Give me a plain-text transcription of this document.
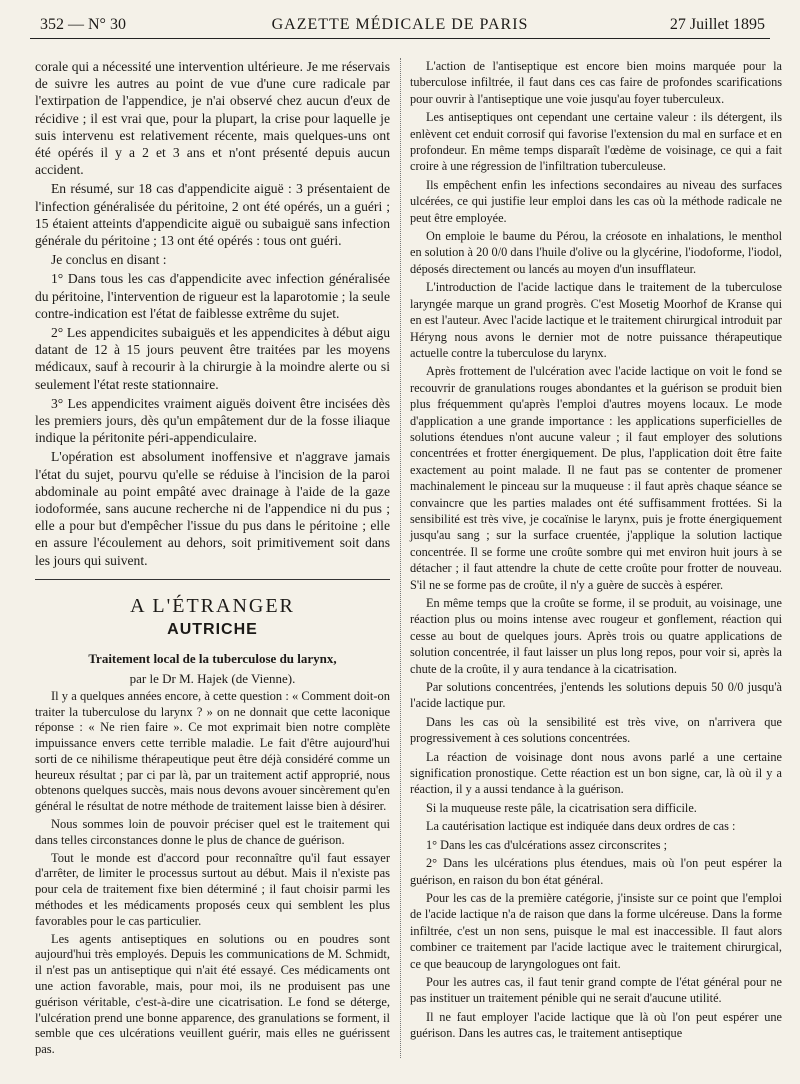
352 — N° 30	GAZETTE MÉDICALE DE PARIS	27 Juillet 1895

corale qui a nécessité une intervention ultérieure. Je me réservais de suivre les autres au point de vue d'une cure radicale par l'extirpation de l'appendice, je n'ai observé chez aucun d'eux de récidive ; il est vrai que, pour la plupart, la crise pour laquelle je suis intervenu est relativement récente, mais quelques-uns ont été opérés il y a 2 et 3 ans et n'ont présenté depuis aucun accident.

En résumé, sur 18 cas d'appendicite aiguë : 3 présentaient de l'infection généralisée du péritoine, 2 ont été opérés, un a guéri ; 15 étaient atteints d'appendicite aiguë ou subaiguë sans infection générale du péritoine ; 13 ont été opérés : tous ont guéri.

Je conclus en disant :

1° Dans tous les cas d'appendicite avec infection généralisée du péritoine, l'intervention de rigueur est la laparotomie ; la seule contre-indication est l'état de faiblesse extrême du sujet.

2° Les appendicites subaiguës et les appendicites à début aigu datant de 12 à 15 jours peuvent être traitées par les moyens médicaux, sauf à recourir à la chirurgie à la moindre alerte ou si seulement l'état reste stationnaire.

3° Les appendicites vraiment aiguës doivent être incisées dès les premiers jours, dès qu'un empâtement dur de la fosse iliaque indique la péritonite péri-appendiculaire.

L'opération est absolument inoffensive et n'aggrave jamais l'état du sujet, pourvu qu'elle se réduise à l'incision de la paroi abdominale au point empâté avec drainage à l'aide de la gaze iodoformée, sans aucune recherche ni de l'appendice ni du pus ; elle a pour but d'empêcher l'issue du pus dans le péritoine ; elle en assure l'écoulement au dehors, soit primitivement soit dans les jours qui suivent.

A L'ÉTRANGER
AUTRICHE

Traitement local de la tuberculose du larynx,

par le Dr M. Hajek (de Vienne).

Il y a quelques années encore, à cette question : « Comment doit-on traiter la tuberculose du larynx ? » on ne donnait que cette laconique réponse : « Ne rien faire ». Ce mot exprimait bien notre complète impuissance envers cette terrible maladie. Le fait d'être aujourd'hui sorti de ce nihilisme thérapeutique peut être déjà considéré comme un heureux résultat ; par ci par là, par un traitement actif approprié, nous obtenons quelques succès, mais nous devons avouer sincèrement qu'en général le résultat de notre méthode de traitement laisse bien à désirer.

Nous sommes loin de pouvoir préciser quel est le traitement qui dans telles circonstances donne le plus de chance de guérison.

Tout le monde est d'accord pour reconnaître qu'il faut essayer d'arrêter, de limiter le processus surtout au début. Mais il n'existe pas pour cela de traitement fixe bien déterminé ; il faut choisir parmi les méthodes et les médicaments proposés ceux qui semblent les plus favorables pour le cas particulier.

Les agents antiseptiques en solutions ou en poudres sont aujourd'hui très employés. Depuis les communications de M. Schmidt, il n'est pas un antiseptique qui n'ait été essayé. Ces médicaments ont une action favorable, mais, pour moi, ils ne produisent pas une guérison véritable, c'est-à-dire une cicatrisation. Le fond se déterge, l'ulcération prend une bonne apparence, des granulations se forment, il semble que ces ulcérations veuillent guérir, mais elles ne guérissent pas.

L'action de l'antiseptique est encore bien moins marquée pour la tuberculose infiltrée, il faut dans ces cas faire de profondes scarifications pour ouvrir à l'antiseptique une voie jusqu'au foyer tuberculeux.

Les antiseptiques ont cependant une certaine valeur : ils détergent, ils enlèvent cet enduit corrosif qui favorise l'extension du mal en surface et en profondeur. En même temps disparaît l'œdème de voisinage, ce qui a fait croire à une régression de l'infiltration tuberculeuse.

Ils empêchent enfin les infections secondaires au niveau des surfaces ulcérées, ce qui justifie leur emploi dans les cas où la méthode radicale ne peut être employée.

On emploie le baume du Pérou, la créosote en inhalations, le menthol en solution à 20 0/0 dans l'huile d'olive ou la glycérine, l'iodoforme, l'iodol, déposés directement ou lancés au moyen d'un insufflateur.

L'introduction de l'acide lactique dans le traitement de la tuberculose laryngée marque un grand progrès. C'est Mosetig Moorhof de Kranse qui en est l'auteur. Avec l'acide lactique et le traitement chirurgical introduit par Héryng nous avons le dernier mot de notre puissance thérapeutique actuelle contre la tuberculose du larynx.

Après frottement de l'ulcération avec l'acide lactique on voit le fond se recouvrir de granulations rouges abondantes et la guérison se produit bien plus fréquemment qu'après l'emploi d'autres moyens locaux. Le mode d'application a une grande importance : les applications superficielles de solutions étendues n'ont aucune valeur ; il faut employer des solutions concentrées et frotter énergiquement. De plus, l'application doit être faite exactement au point malade. Il ne faut pas se contenter de promener machinalement le pinceau sur la muqueuse : il faut après chaque séance se convaincre que les parties malades ont été suffisamment frottées. Si la sensibilité est très vive, je cocaïnise le larynx, puis je frotte énergiquement jusqu'au sang ; sur la surface cruentée, j'applique la solution lactique concentrée. Il se forme une croûte sombre qui met environ huit jours à se détacher ; il faut attendre la chute de cette croûte pour frotter de nouveau. S'il ne se forme pas de croûte, il n'y a guère de succès à espérer.

En même temps que la croûte se forme, il se produit, au voisinage, une réaction plus ou moins intense avec rougeur et gonflement, réaction qui cesse au bout de quelques jours. Après trois ou quatre applications de solution concentrée, il faut laisser un plus long repos, pour voir si, après la chute de la croûte, il y aura tendance à la cicatrisation.

Par solutions concentrées, j'entends les solutions depuis 50 0/0 jusqu'à l'acide lactique pur.

Dans les cas où la sensibilité est très vive, on n'arrivera que progressivement à ces solutions concentrées.

La réaction de voisinage dont nous avons parlé a une certaine signification pronostique. Cette réaction est un bon signe, car, là où il y a réaction, il y a aussi tendance à la guérison.

Si la muqueuse reste pâle, la cicatrisation sera difficile.

La cautérisation lactique est indiquée dans deux ordres de cas :

1° Dans les cas d'ulcérations assez circonscrites ;

2° Dans les ulcérations plus étendues, mais où l'on peut espérer la guérison, en raison du bon état général.

Pour les cas de la première catégorie, j'insiste sur ce point que l'emploi de l'acide lactique n'a de raison que dans la forme ulcéreuse. Dans la forme infiltrée, c'est un non sens, puisque le mal est inaccessible. Il faut alors combiner ce traitement par l'acide lactique avec le traitement chirurgical, ce que beaucoup de laryngologues ont fait.

Pour les autres cas, il faut tenir grand compte de l'état général pour ne pas instituer un traitement pénible qui ne serait d'aucune utilité.

Il ne faut employer l'acide lactique que là où l'on peut espérer une guérison. Dans les autres cas, le traitement antiseptique
